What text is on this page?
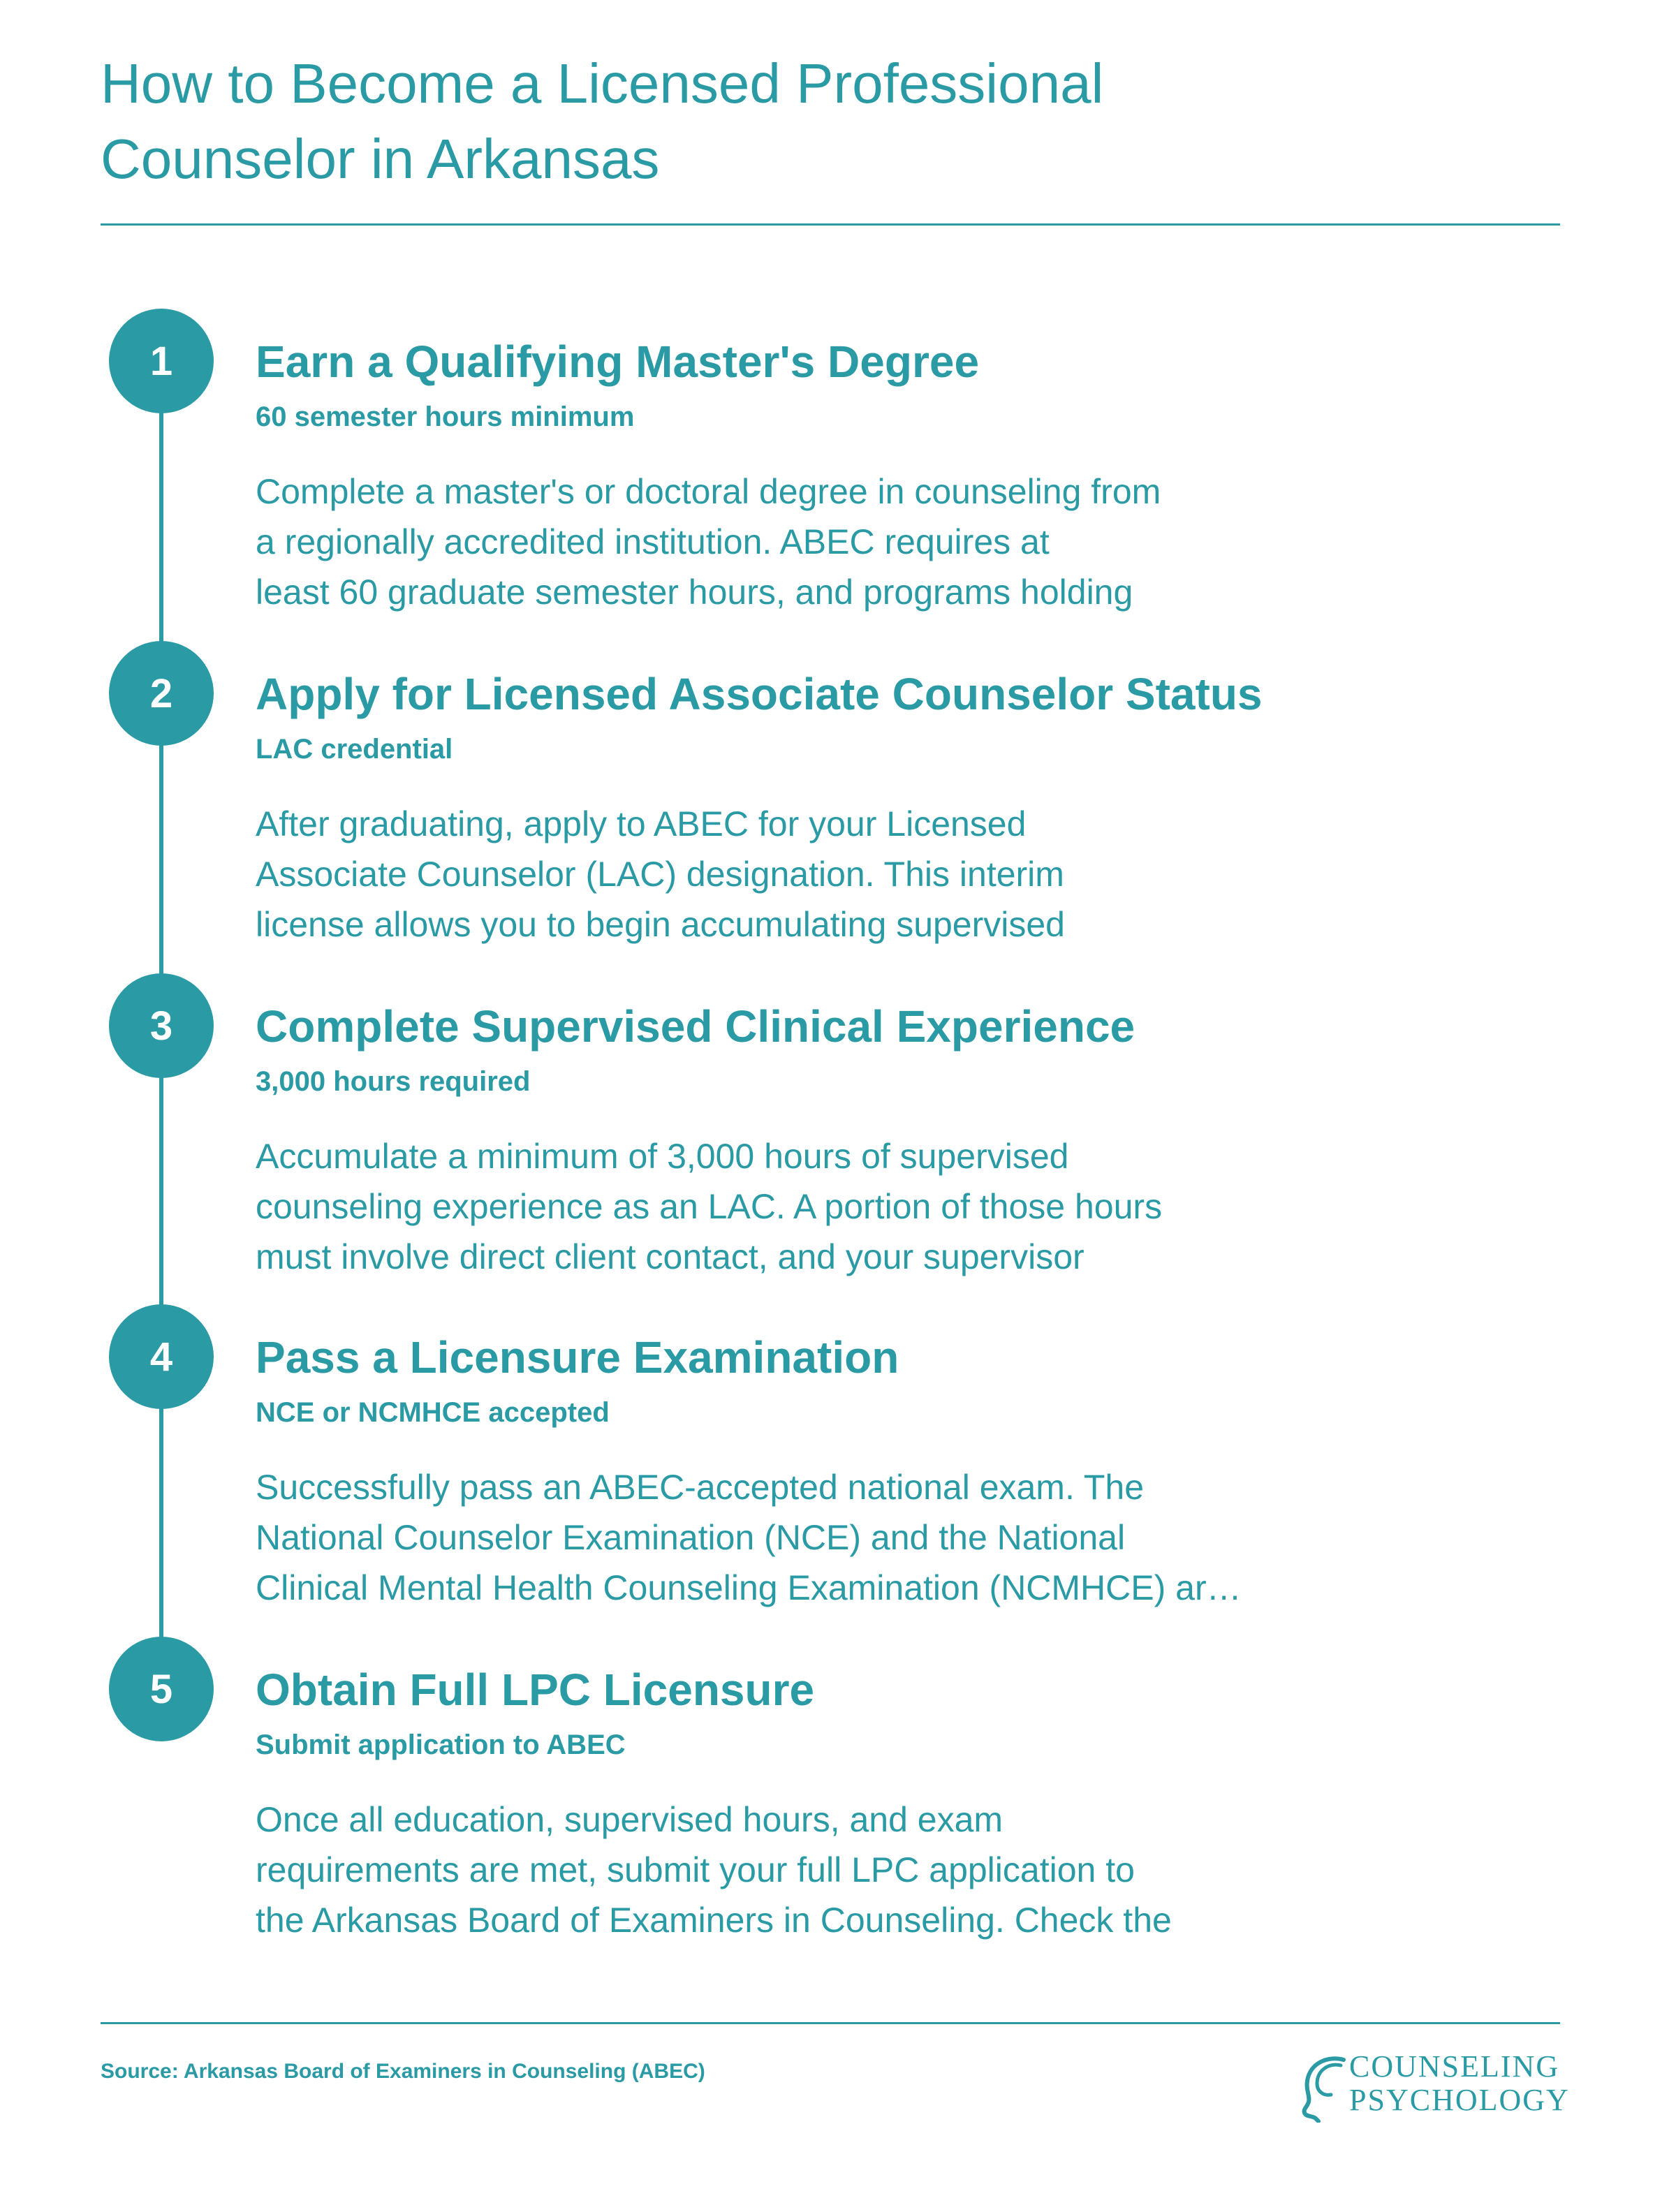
How to Become a Licensed Professional
Counselor in Arkansas
1	Earn a Qualifying Master's Degree
60 semester hours minimum
Complete a master's or doctoral degree in counseling from
a regionally accredited institution. ABEC requires at
least 60 graduate semester hours, and programs holding
2	Apply for Licensed Associate Counselor Status
LAC credential
After graduating, apply to ABEC for your Licensed
Associate Counselor (LAC) designation. This interim
license allows you to begin accumulating supervised
3	Complete Supervised Clinical Experience
3,000 hours required
Accumulate a minimum of 3,000 hours of supervised
counseling experience as an LAC. A portion of those hours
must involve direct client contact, and your supervisor
4	Pass a Licensure Examination
NCE or NCMHCE accepted
Successfully pass an ABEC-accepted national exam. The
National Counselor Examination (NCE) and the National
Clinical Mental Health Counseling Examination (NCMHCE) ar…
5	Obtain Full LPC Licensure
Submit application to ABEC
Once all education, supervised hours, and exam
requirements are met, submit your full LPC application to
the Arkansas Board of Examiners in Counseling. Check the
Source: Arkansas Board of Examiners in Counseling (ABEC)	COUNSELING
PSYCHOLOGY
